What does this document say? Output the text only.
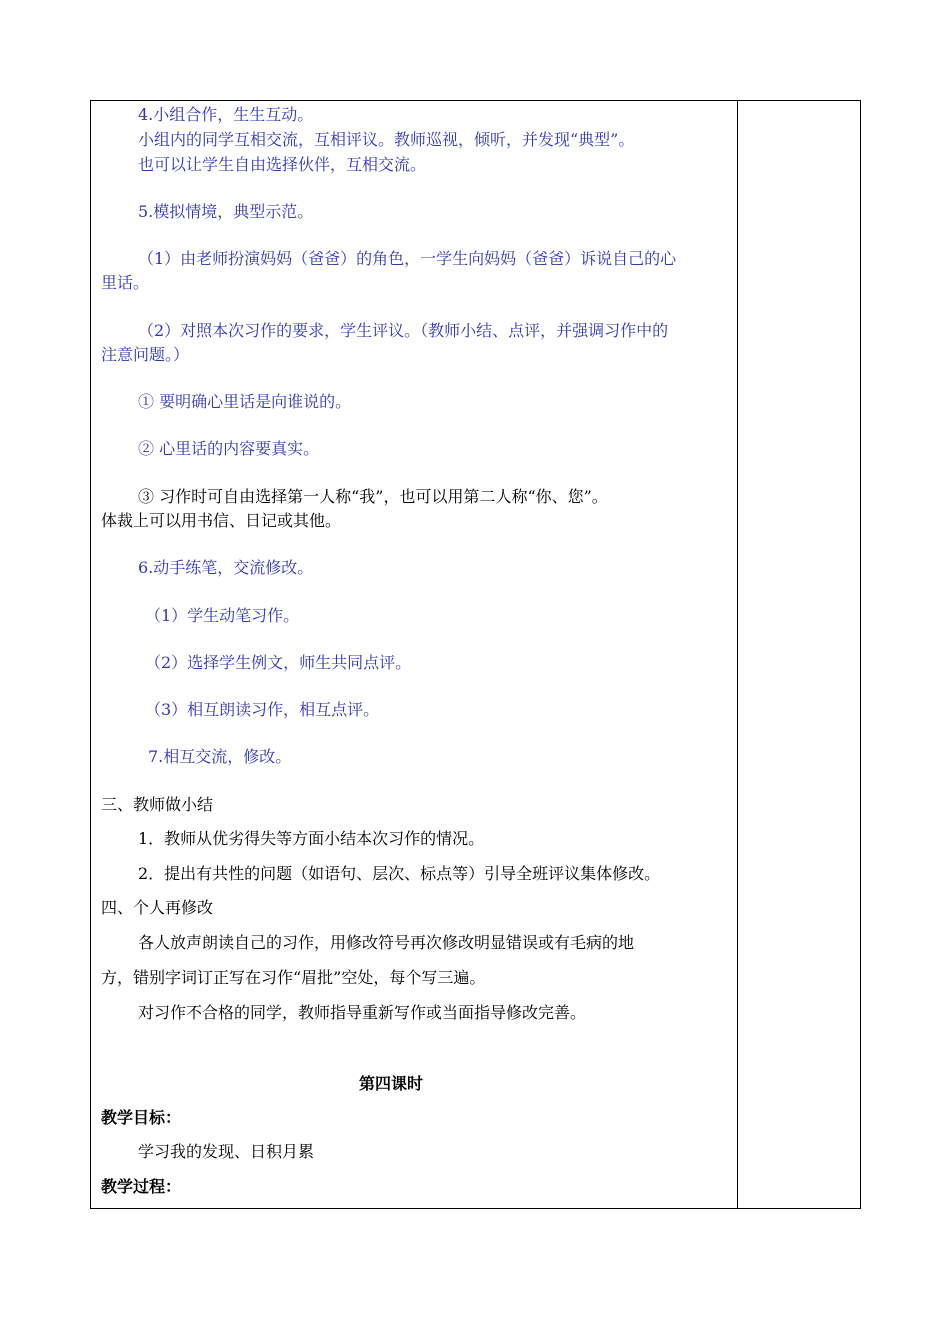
4.小组合作，生生互动。
小组内的同学互相交流，互相评议。教师巡视，倾听，并发现“典型”。
也可以让学生自由选择伙伴，互相交流。
5.模拟情境，典型示范。
（1）由老师扮演妈妈（爸爸）的角色，一学生向妈妈（爸爸）诉说自己的心
里话。
（2）对照本次习作的要求，学生评议。（教师小结、点评，并强调习作中的
注意问题。）
① 要明确心里话是向谁说的。
② 心里话的内容要真实。
③ 习作时可自由选择第一人称“我”，也可以用第二人称“你、您”。
体裁上可以用书信、日记或其他。
6.动手练笔，交流修改。
（1）学生动笔习作。
（2）选择学生例文，师生共同点评。
（3）相互朗读习作，相互点评。
7.相互交流，修改。
三、教师做小结
1．教师从优劣得失等方面小结本次习作的情况。
2．提出有共性的问题（如语句、层次、标点等）引导全班评议集体修改。
四、个人再修改
各人放声朗读自己的习作，用修改符号再次修改明显错误或有毛病的地
方，错别字词订正写在习作“眉批”空处，每个写三遍。
对习作不合格的同学，教师指导重新写作或当面指导修改完善。
第四课时
教学目标：
学习我的发现、日积月累
教学过程：
